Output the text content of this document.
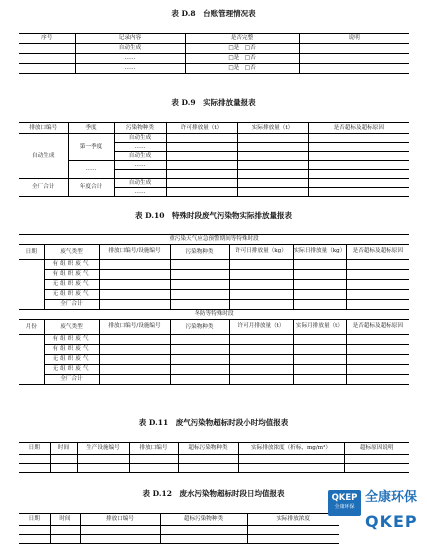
表 D.8　台账管理情况表
序号	记录内容	是否完整	说明
	自动生成	□是  □否	
	……	□是  □否	
	……	□是  □否	
表 D.9　实际排放量报表
排放口编号	季度	污染物种类	许可排放量（t）	实际排放量（t）	是否超标及超标原因
自动生成	第一季度	自动生成			
		……			
		自动生成			
	……	……			

全厂合计	年度合计	自动生成			
		……			
表 D.10　特殊时段废气污染物实际排放量报表
重污染天气应急预警期间等特殊时段						
日期	废气类型	排放口编号/设施编号	污染物种类	许可日排放量（kg）	实际日排放量（kg）	是否超标及超标原因
	有组织废气					
	有组织废气					
	无组织废气					
	无组织废气					
	全厂合计					
冬防等特殊时段						
月份	废气类型	排放口编号/设施编号	污染物种类	许可月排放量（t）	实际月排放量（t）	是否超标及超标原因
	有组织废气					
	有组织废气					
	无组织废气					
	无组织废气					
	全厂合计					
表 D.11　废气污染物超标时段小时均值报表
日期	时间	生产设施编号	排放口编号	超标污染物种类	实际排放浓度（折标，mg/m³）	超标原因说明

表 D.12　废水污染物超标时段日均值报表
日期	时间	排放口编号	超标污染物种类	实际排放浓度

QKEP
全康环保
全康环保
QKEP
